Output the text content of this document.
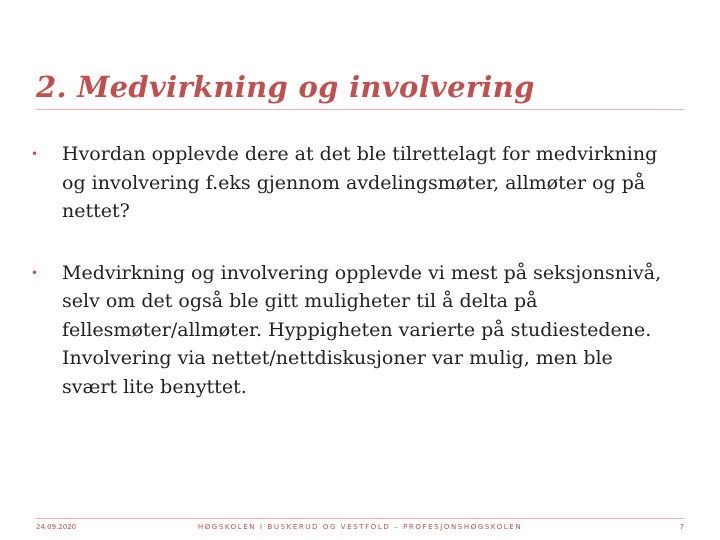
2. Medvirkning og involvering
• Hvordan opplevde dere at det ble tilrettelagt for medvirkning og involvering f.eks gjennom avdelingsmøter, allmøter og på nettet?
• Medvirkning og involvering opplevde vi mest på seksjonsnivå, selv om det også ble gitt muligheter til å delta på fellesmøter/allmøter. Hyppigheten varierte på studiestedene. Involvering via nettet/nettdiskusjoner var mulig, men ble svært lite benyttet.
24.09.2020	HØGSKOLEN I BUSKERUD OG VESTFOLD – PROFESJONSHØGSKOLEN	7
